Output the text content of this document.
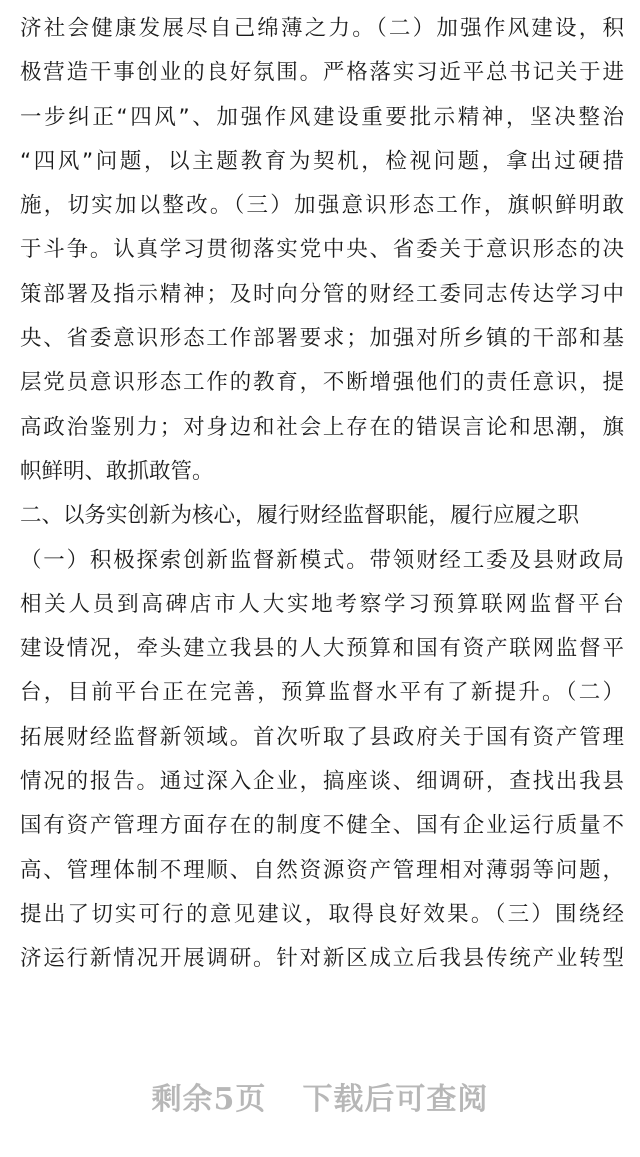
济社会健康发展尽自己绵薄之力。（二）加强作风建设，积
极营造干事创业的良好氛围。严格落实习近平总书记关于进
一步纠正“四风”、加强作风建设重要批示精神，坚决整治
“四风”问题，以主题教育为契机，检视问题，拿出过硬措
施，切实加以整改。（三）加强意识形态工作，旗帜鲜明敢
于斗争。认真学习贯彻落实党中央、省委关于意识形态的决
策部署及指示精神；及时向分管的财经工委同志传达学习中
央、省委意识形态工作部署要求；加强对所乡镇的干部和基
层党员意识形态工作的教育，不断增强他们的责任意识，提
高政治鉴别力；对身边和社会上存在的错误言论和思潮，旗
帜鲜明、敢抓敢管。
二、以务实创新为核心，履行财经监督职能，履行应履之职
（一）积极探索创新监督新模式。带领财经工委及县财政局
相关人员到高碑店市人大实地考察学习预算联网监督平台
建设情况，牵头建立我县的人大预算和国有资产联网监督平
台，目前平台正在完善，预算监督水平有了新提升。（二）
拓展财经监督新领域。首次听取了县政府关于国有资产管理
情况的报告。通过深入企业，搞座谈、细调研，查找出我县
国有资产管理方面存在的制度不健全、国有企业运行质量不
高、管理体制不理顺、自然资源资产管理相对薄弱等问题，
提出了切实可行的意见建议，取得良好效果。（三）围绕经
济运行新情况开展调研。针对新区成立后我县传统产业转型
剩余5页 下载后可查阅
